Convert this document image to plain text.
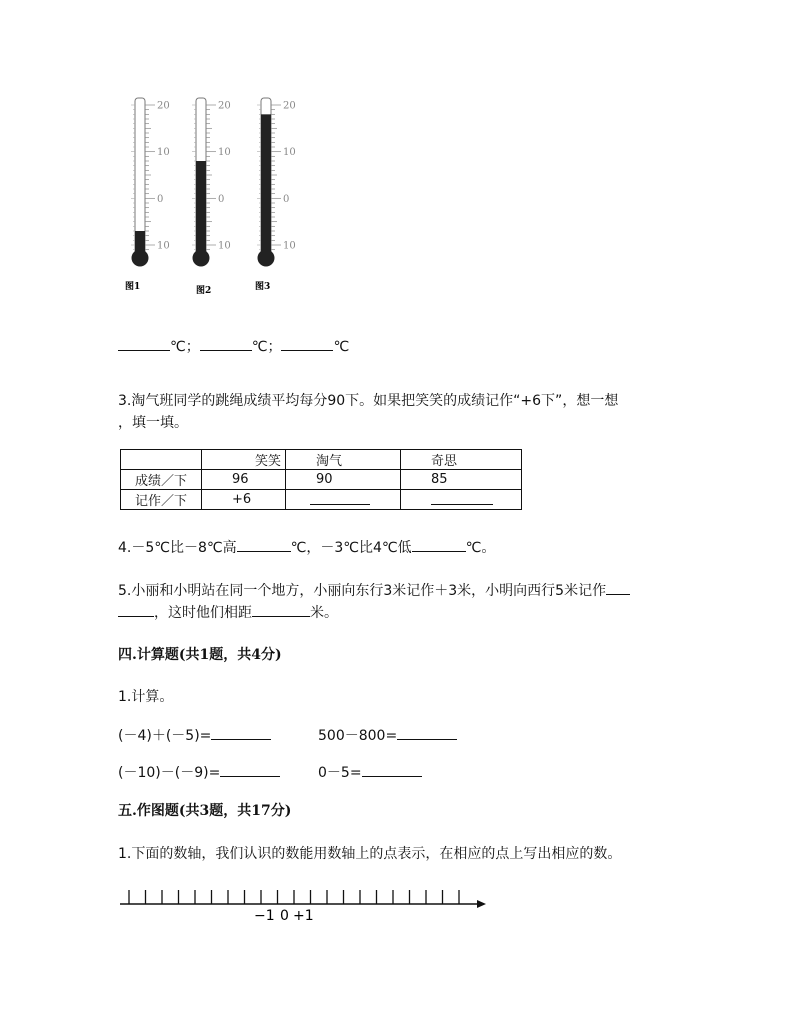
20
10
0
10
20
10
0
10
20
10
0
10
图1	图2	图3
℃；	℃；	℃
3.淘气班同学的跳绳成绩平均每分90下。如果把笑笑的成绩记作“+6下”，想一想
，填一填。
	笑笑	淘气	奇思
成绩／下	96	90	85
记作／下	+6		
4.－5℃比－8℃高	℃，－3℃比4℃低	℃。
5.小丽和小明站在同一个地方，小丽向东行3米记作＋3米，小明向西行5米记作
，这时他们相距	米。
四.计算题(共1题，共4分)
1.计算。
(－4)＋(－5)=	500－800=
(－10)－(－9)=	0－5=
五.作图题(共3题，共17分)
1.下面的数轴，我们认识的数能用数轴上的点表示，在相应的点上写出相应的数。
−1 0 +1
